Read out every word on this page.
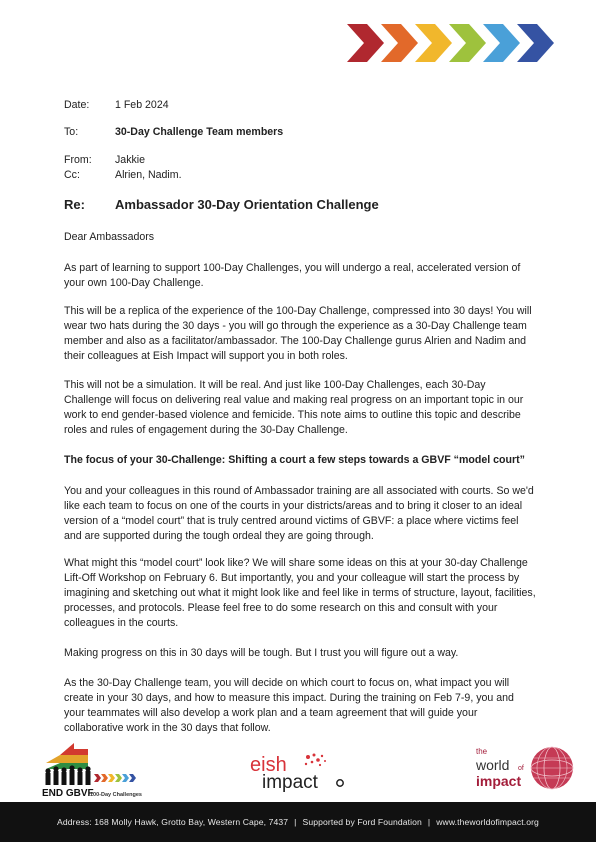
Date:	1 Feb 2024
To:	30-Day Challenge Team members
From:	Jakkie
Cc:	Alrien, Nadim.
Re:	Ambassador 30-Day Orientation Challenge

Dear Ambassadors

As part of learning to support 100-Day Challenges, you will undergo a real, accelerated version of your own 100-Day Challenge.

This will be a replica of the experience of the 100-Day Challenge, compressed into 30 days! You will wear two hats during the 30 days - you will go through the experience as a 30-Day Challenge team member and also as a facilitator/ambassador. The 100-Day Challenge gurus Alrien and Nadim and their colleagues at Eish Impact will support you in both roles.

This will not be a simulation. It will be real. And just like 100-Day Challenges, each 30-Day Challenge will focus on delivering real value and making real progress on an important topic in our work to end gender-based violence and femicide. This note aims to outline this topic and describe roles and rules of engagement during the 30-Day Challenge.

The focus of your 30-Challenge: Shifting a court a few steps towards a GBVF “model court”

You and your colleagues in this round of Ambassador training are all associated with courts. So we'd like each team to focus on one of the courts in your districts/areas and to bring it closer to an ideal version of a “model court” that is truly centred around victims of GBVF: a place where victims feel and are supported during the tough ordeal they are going through.

What might this “model court” look like? We will share some ideas on this at your 30-day Challenge Lift-Off Workshop on February 6. But importantly, you and your colleague will start the process by imagining and sketching out what it might look like and feel like in terms of structure, layout, facilities, processes, and protocols. Please feel free to do some research on this and consult with your colleagues in the courts.

Making progress on this in 30 days will be tough. But I trust you will figure out a way.

As the 30-Day Challenge team, you will decide on which court to focus on, what impact you will create in your 30 days, and how to measure this impact. During the training on Feb 7-9, you and your teammates will also develop a work plan and a team agreement that will guide your collaborative work in the 30 days that follow.

END GBVF
100-Day Challenges
eish
impact
the
world of
impact
Address: 168 Molly Hawk, Grotto Bay, Western Cape, 7437 | Supported by Ford Foundation | www.theworldofimpact.org
